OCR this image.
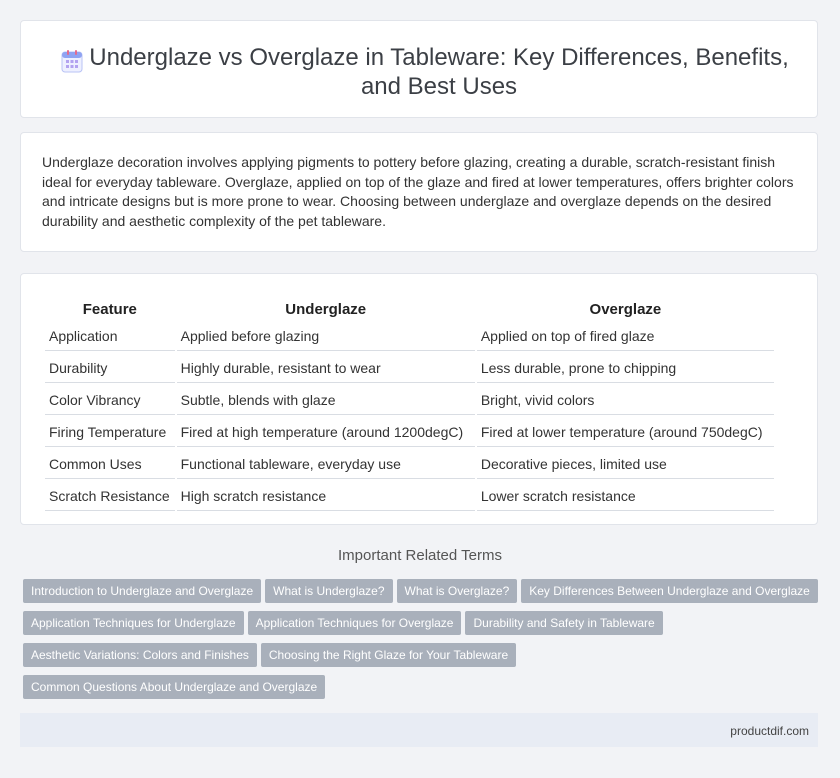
Underglaze vs Overglaze in Tableware: Key Differences, Benefits, and Best Uses

Underglaze decoration involves applying pigments to pottery before glazing, creating a durable, scratch-resistant finish ideal for everyday tableware. Overglaze, applied on top of the glaze and fired at lower temperatures, offers brighter colors and intricate designs but is more prone to wear. Choosing between underglaze and overglaze depends on the desired durability and aesthetic complexity of the pet tableware.

Feature	Underglaze	Overglaze
Application	Applied before glazing	Applied on top of fired glaze
Durability	Highly durable, resistant to wear	Less durable, prone to chipping
Color Vibrancy	Subtle, blends with glaze	Bright, vivid colors
Firing Temperature	Fired at high temperature (around 1200degC)	Fired at lower temperature (around 750degC)
Common Uses	Functional tableware, everyday use	Decorative pieces, limited use
Scratch Resistance	High scratch resistance	Lower scratch resistance
Important Related Terms
Introduction to Underglaze and Overglaze What is Underglaze? What is Overglaze? Key Differences Between Underglaze and Overglaze
Application Techniques for Underglaze Application Techniques for Overglaze Durability and Safety in Tableware
Aesthetic Variations: Colors and Finishes Choosing the Right Glaze for Your Tableware
Common Questions About Underglaze and Overglaze
productdif.com
